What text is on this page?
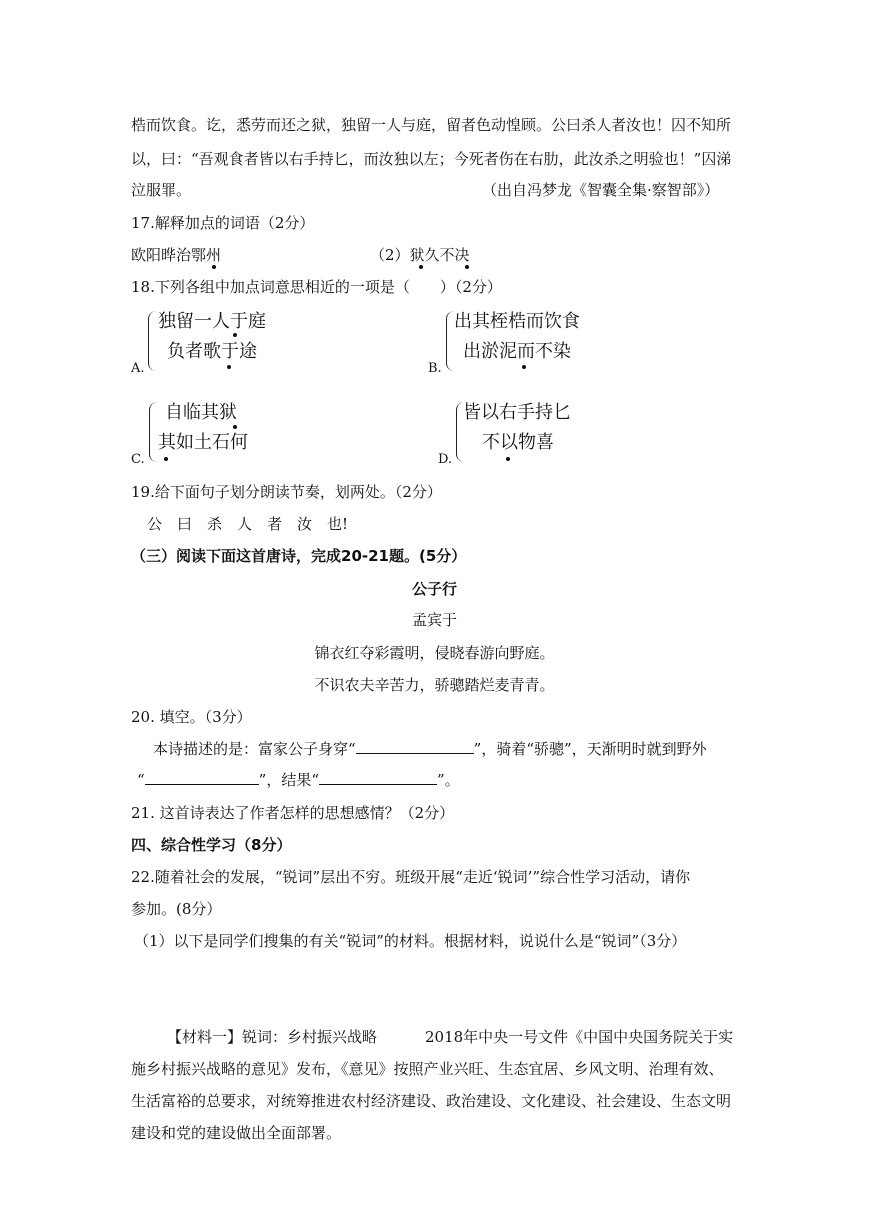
梏而饮食。讫，悉劳而还之狱，独留一人与庭，留者色动惶顾。公曰杀人者汝也！囚不知所
以，曰：“吾观食者皆以右手持匕，而汝独以左；今死者伤在右肋，此汝杀之明验也！”囚涕
泣服罪。	（出自冯梦龙《智囊全集·察智部》）
17.解释加点的词语（2分）
欧阳晔治鄂州	（2）狱久不决
18.下列各组中加点词意思相近的一项是（　　）（2分）
独留一人于庭
负者歌于途
A.
出其桎梏而饮食
出淤泥而不染
B.
自临其狱
其如土石何
C.
皆以右手持匕
不以物喜
D.
19.给下面句子划分朗读节奏，划两处。（2分）
公　曰　杀　人　者　汝　也!
（三）阅读下面这首唐诗，完成20-21题。(5分）
公子行
孟宾于
锦衣红夺彩霞明，侵晓春游向野庭。
不识农夫辛苦力，骄骢踏烂麦青青。
20. 填空。（3分）
本诗描述的是：富家公子身穿“	”，骑着“骄骢”，天渐明时就到野外
“	”，结果“	”。
21. 这首诗表达了作者怎样的思想感情？（2分）
四、综合性学习（8分）
22.随着社会的发展，“锐词”层出不穷。班级开展“走近‘锐词’”综合性学习活动，请你
参加。(8分）
（1）以下是同学们搜集的有关“锐词”的材料。根据材料，说说什么是“锐词”（3分）
【材料一】锐词：乡村振兴战略	2018年中央一号文件《中国中央国务院关于实
施乡村振兴战略的意见》发布，《意见》按照产业兴旺、生态宜居、乡风文明、治理有效、
生活富裕的总要求，对统筹推进农村经济建设、政治建设、文化建设、社会建设、生态文明
建设和党的建设做出全面部署。
